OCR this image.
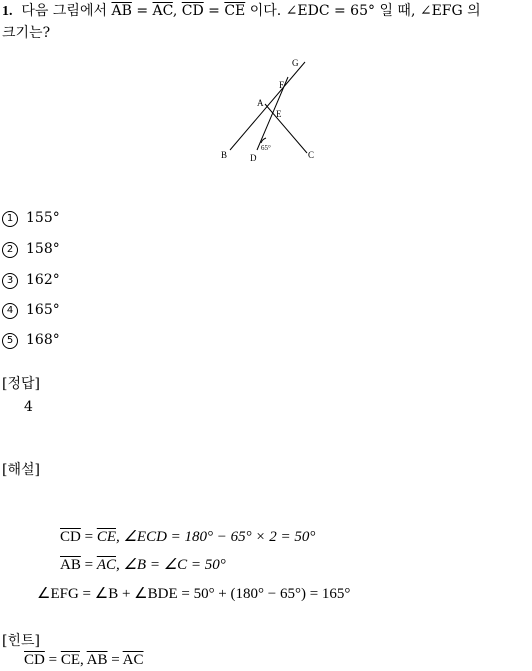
1. 다음 그림에서 $\overline{AB} = \overline{AC}$, $\overline{CD} = \overline{CE}$ 이다. ∠EDC = 65° 일 때, ∠EFG 의
크기는?
G
F
A
E
B	D	C
65°
1 155°
2 158°
3 162°
4 165°
5 168°
[정답]
4
[해설]
$\overline{CD} = \overline{CE}$, ∠ECD = 180° − 65° × 2 = 50°
$\overline{AB} = \overline{AC}$, ∠B = ∠C = 50°
∠EFG = ∠B + ∠BDE = 50° + (180° − 65°) = 165°
[힌트]
$\overline{CD} = \overline{CE}$, $\overline{AB} = \overline{AC}$
